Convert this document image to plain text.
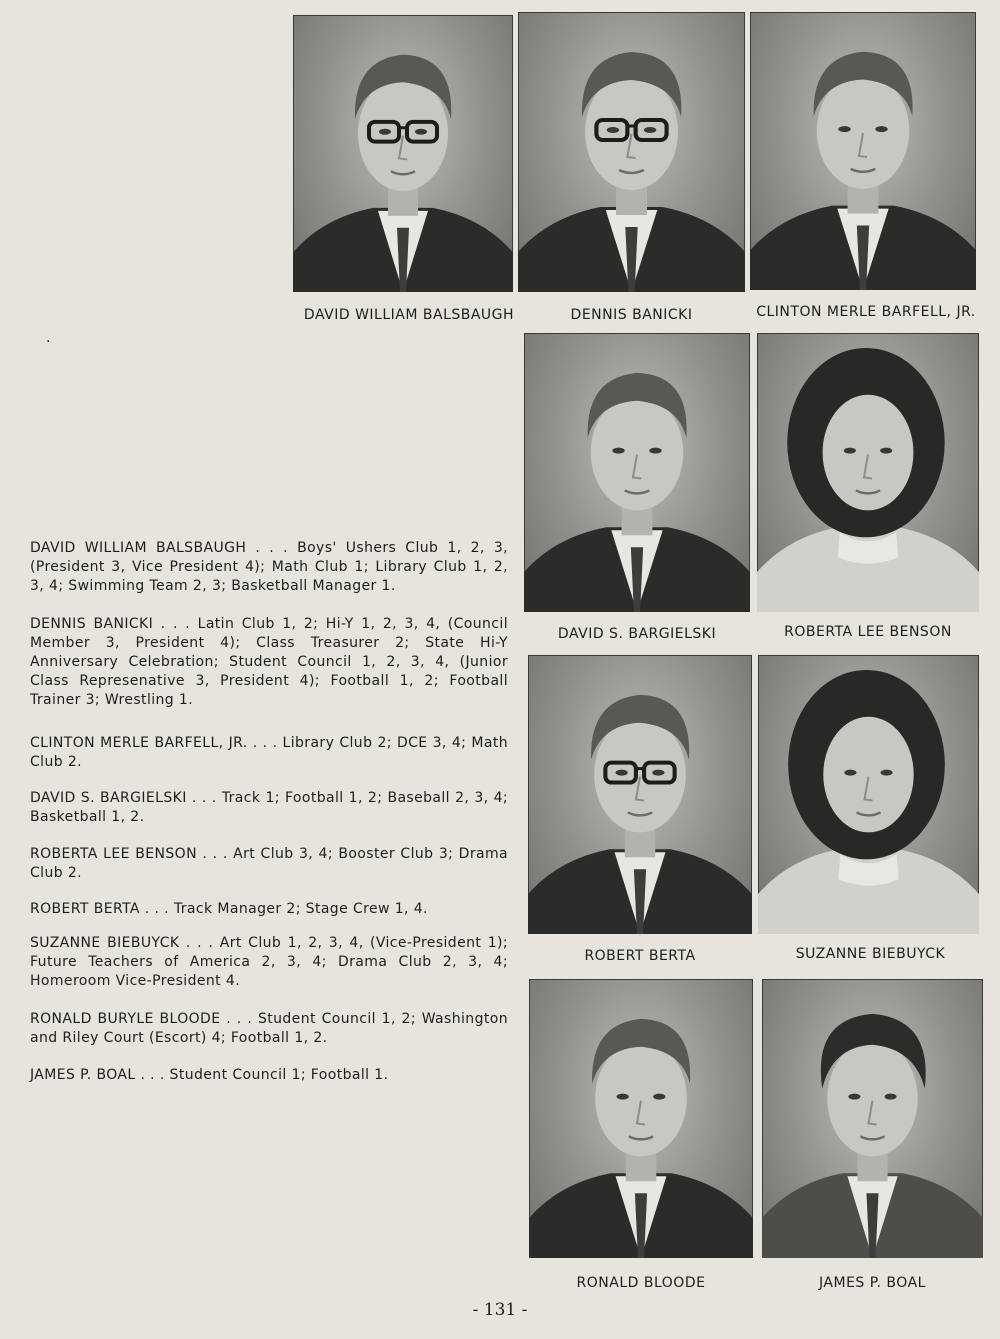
DAVID WILLIAM BALSBAUGH	DENNIS BANICKI	CLINTON MERLE BARFELL, JR.
DAVID S. BARGIELSKI	ROBERTA LEE BENSON
ROBERT BERTA	SUZANNE BIEBUYCK
RONALD BLOODE	JAMES P. BOAL
·
DAVID WILLIAM BALSBAUGH . . . Boys' Ushers Club 1, 2, 3, (President 3, Vice President 4); Math Club 1; Library Club 1, 2, 3, 4; Swimming Team 2, 3; Basketball Manager 1.
DENNIS BANICKI . . . Latin Club 1, 2; Hi-Y 1, 2, 3, 4, (Council Member 3, President 4); Class Treasurer 2; State Hi-Y Anniversary Celebration; Student Council 1, 2, 3, 4, (Junior Class Represenative 3, President 4); Football 1, 2; Football Trainer 3; Wrestling 1.
CLINTON MERLE BARFELL, JR. . . . Library Club 2; DCE 3, 4; Math Club 2.
DAVID S. BARGIELSKI . . . Track 1; Football 1, 2; Baseball 2, 3, 4; Basketball 1, 2.
ROBERTA LEE BENSON . . . Art Club 3, 4; Booster Club 3; Drama Club 2.
ROBERT BERTA . . . Track Manager 2; Stage Crew 1, 4.
SUZANNE BIEBUYCK . . . Art Club 1, 2, 3, 4, (Vice-President 1); Future Teachers of America 2, 3, 4; Drama Club 2, 3, 4; Homeroom Vice-President 4.
RONALD BURYLE BLOODE . . . Student Council 1, 2; Washington and Riley Court (Escort) 4; Football 1, 2.
JAMES P. BOAL . . . Student Council 1; Football 1.
- 131 -
